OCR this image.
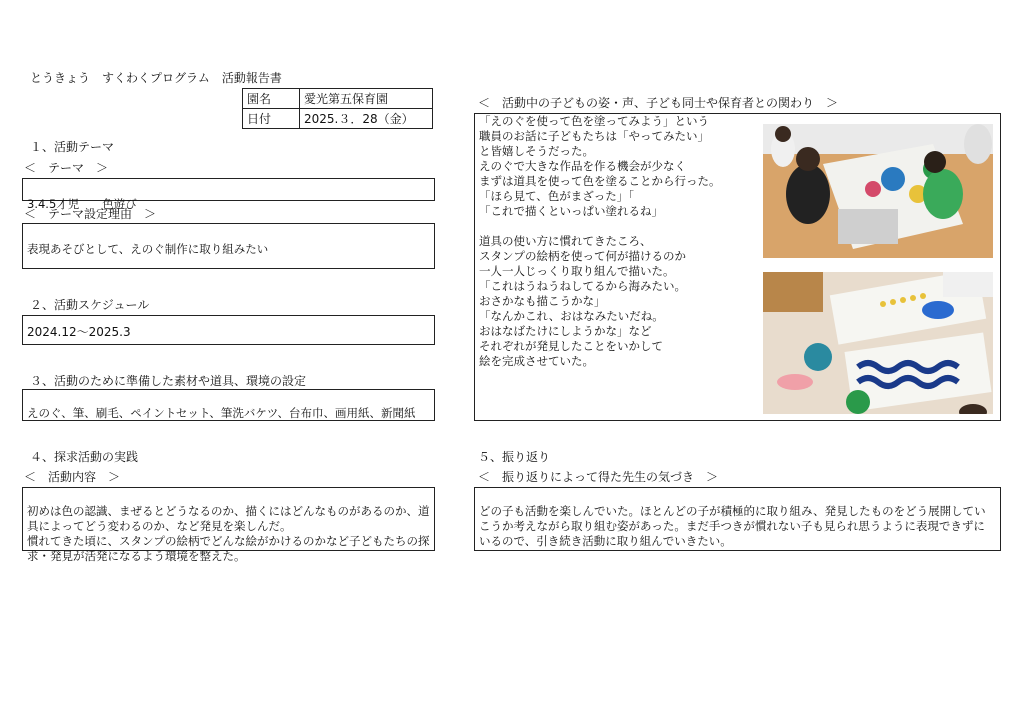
とうきょう　すくわくプログラム　活動報告書
園名	愛光第五保育園
日付	2025.３．28（金）
１、活動テーマ
＜　テーマ　＞

3.4.5才児　　色遊び

＜　テーマ設定理由　＞

表現あそびとして、えのぐ制作に取り組みたい

２、活動スケジュール
2024.12～2025.3
３、活動のために準備した素材や道具、環境の設定

えのぐ、筆、刷毛、ペイントセット、筆洗バケツ、台布巾、画用紙、新聞紙

４、探求活動の実践
＜　活動内容　＞

初めは色の認識、まぜるとどうなるのか、描くにはどんなものがあるのか、道具によってどう変わるのか、など発見を楽しんだ。
慣れてきた頃に、スタンプの絵柄でどんな絵がかけるのかなど子どもたちの探求・発見が活発になるよう環境を整えた。

＜　活動中の子どもの姿・声、子ども同士や保育者との関わり　＞
「えのぐを使って色を塗ってみよう」という
職員のお話に子どもたちは「やってみたい」
と皆嬉しそうだった。
えのぐで大きな作品を作る機会が少なく
まずは道具を使って色を塗ることから行った。
「ほら見て、色がまざった」「
「これで描くといっぱい塗れるね」

道具の使い方に慣れてきたころ、
スタンプの絵柄を使って何が描けるのか
一人一人じっくり取り組んで描いた。
「これはうねうねしてるから海みたい。
おさかなも描こうかな」
「なんかこれ、おはなみたいだね。
おはなばたけにしようかな」など
それぞれが発見したことをいかして
絵を完成させていた。
５、振り返り
＜　振り返りによって得た先生の気づき　＞

どの子も活動を楽しんでいた。ほとんどの子が積極的に取り組み、発見したものをどう展開していこうか考えながら取り組む姿があった。まだ手つきが慣れない子も見られ思うように表現できずにいるので、引き続き活動に取り組んでいきたい。
